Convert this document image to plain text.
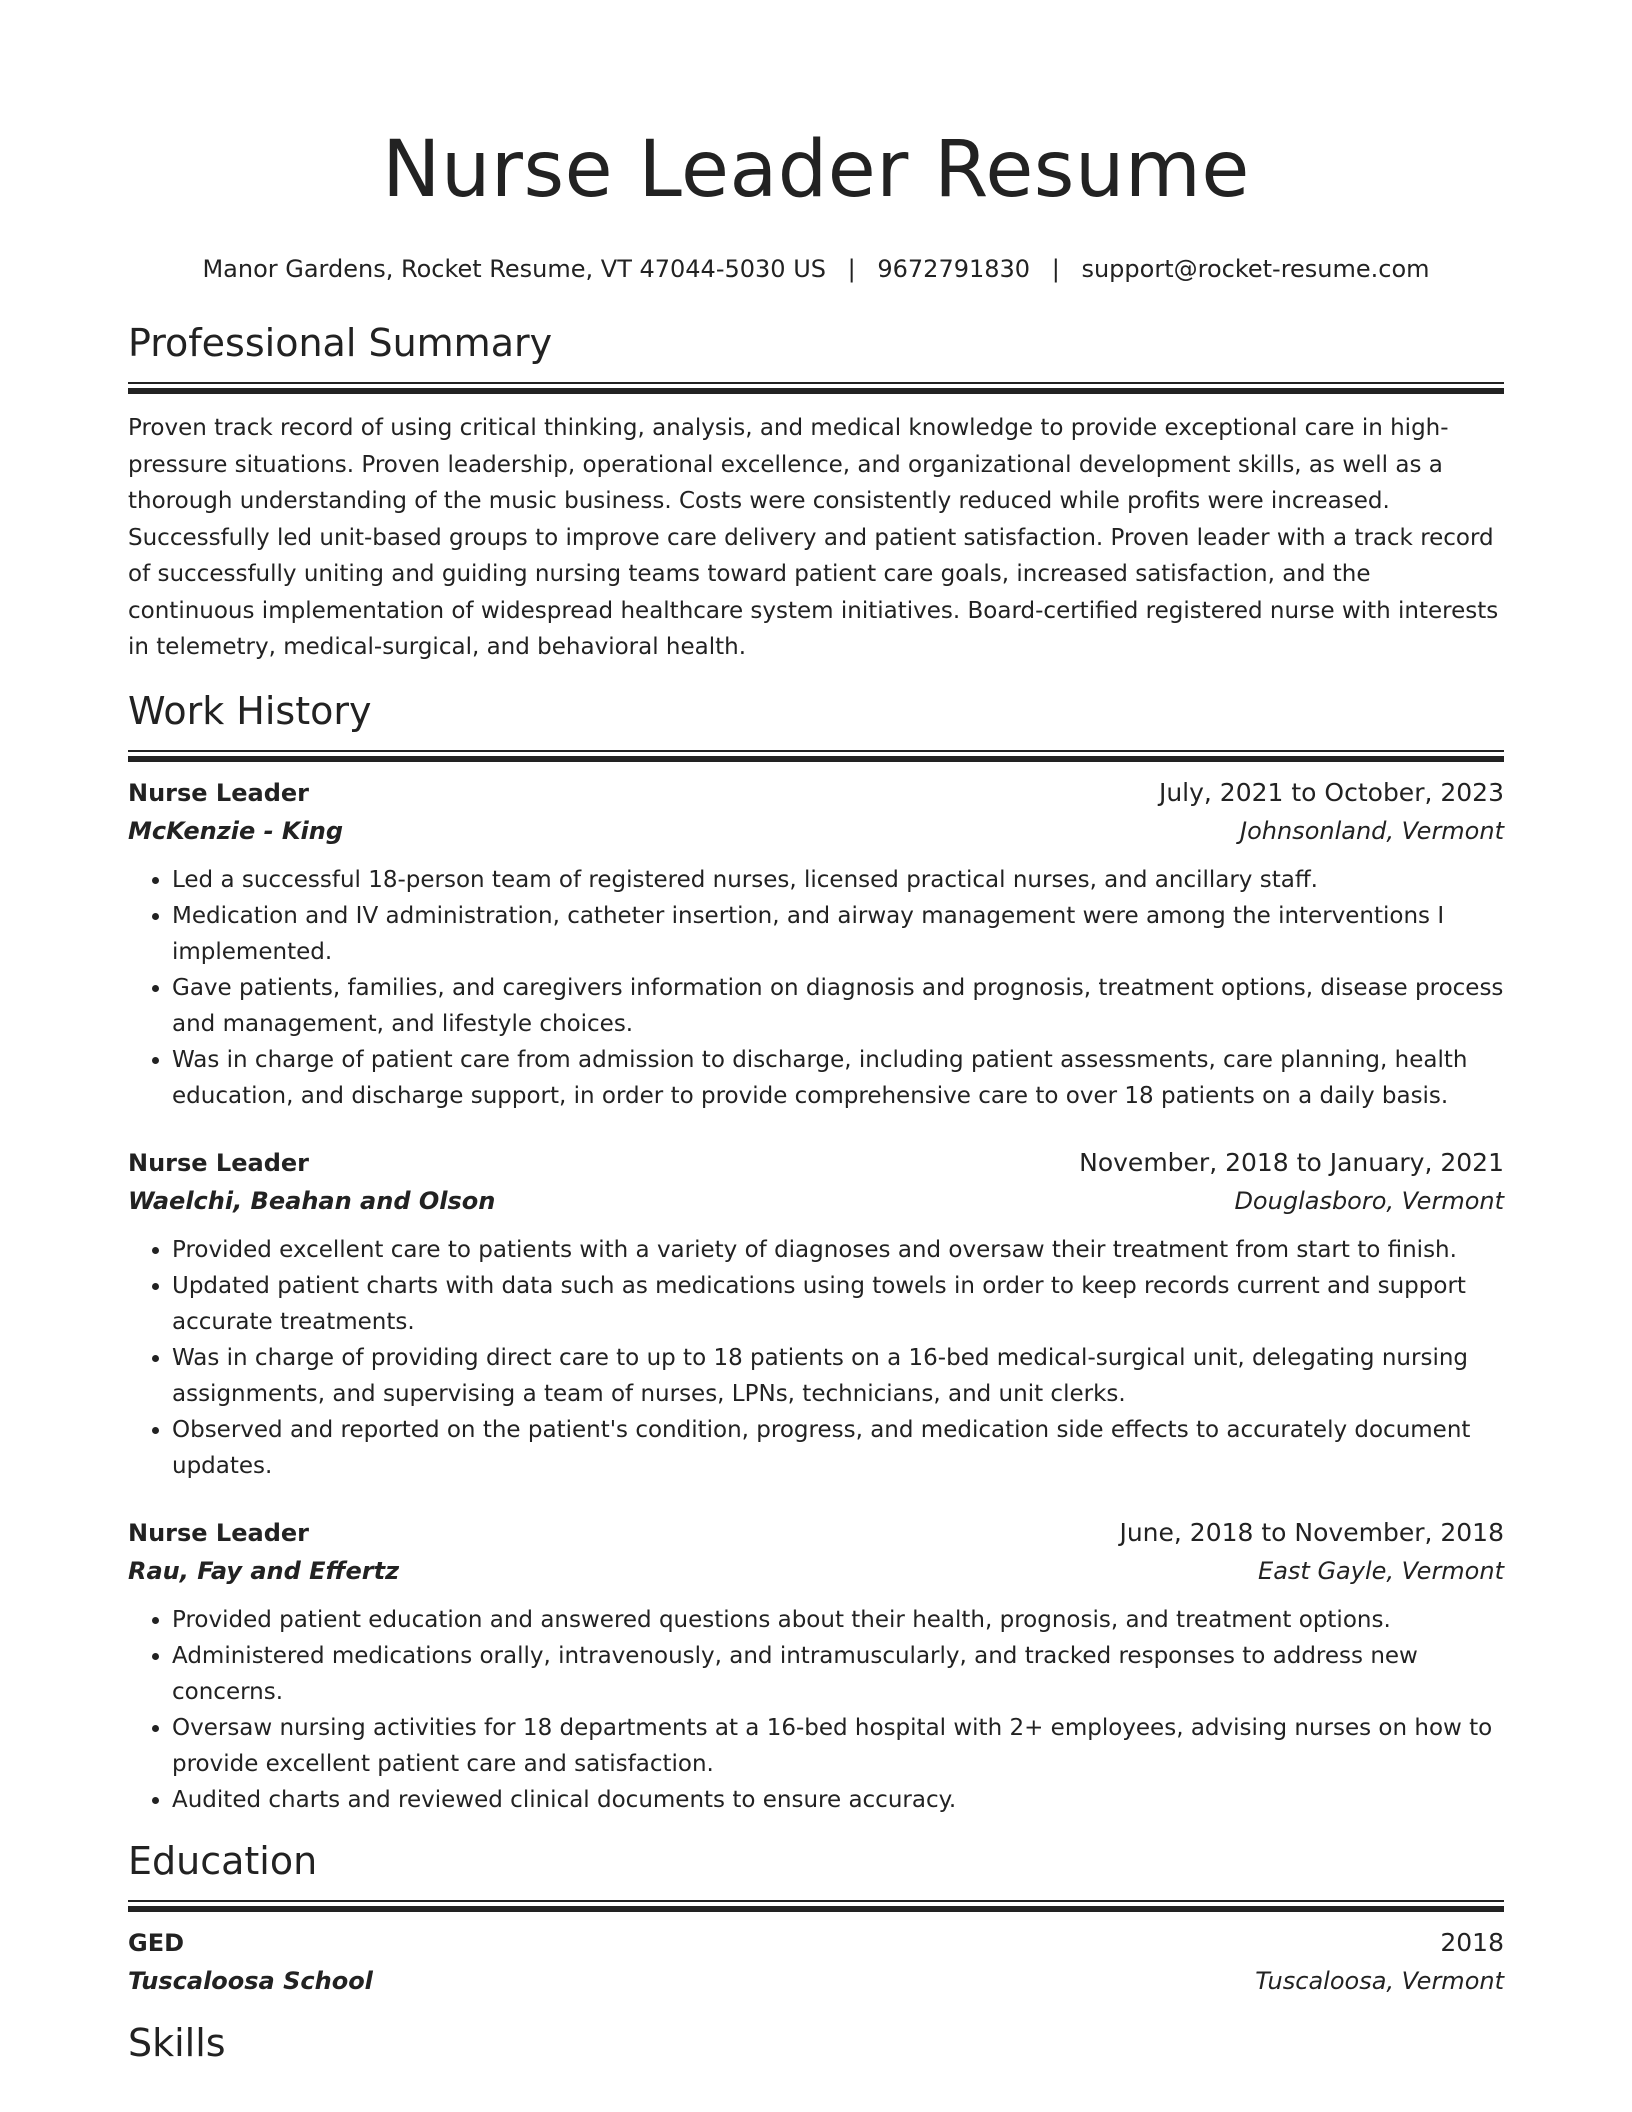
Nurse Leader Resume
Manor Gardens, Rocket Resume, VT 47044-5030 US | 9672791830 | support@rocket-resume.com
Professional Summary
Proven track record of using critical thinking, analysis, and medical knowledge to provide exceptional care in high-pressure situations. Proven leadership, operational excellence, and organizational development skills, as well as a thorough understanding of the music business. Costs were consistently reduced while profits were increased. Successfully led unit-based groups to improve care delivery and patient satisfaction. Proven leader with a track record of successfully uniting and guiding nursing teams toward patient care goals, increased satisfaction, and the continuous implementation of widespread healthcare system initiatives. Board-certified registered nurse with interests in telemetry, medical-surgical, and behavioral health.
Work History
Nurse Leader	July, 2021 to October, 2023
McKenzie - King	Johnsonland, Vermont
• Led a successful 18-person team of registered nurses, licensed practical nurses, and ancillary staff.
• Medication and IV administration, catheter insertion, and airway management were among the interventions I implemented.
• Gave patients, families, and caregivers information on diagnosis and prognosis, treatment options, disease process and management, and lifestyle choices.
• Was in charge of patient care from admission to discharge, including patient assessments, care planning, health education, and discharge support, in order to provide comprehensive care to over 18 patients on a daily basis.
Nurse Leader	November, 2018 to January, 2021
Waelchi, Beahan and Olson	Douglasboro, Vermont
• Provided excellent care to patients with a variety of diagnoses and oversaw their treatment from start to finish.
• Updated patient charts with data such as medications using towels in order to keep records current and support accurate treatments.
• Was in charge of providing direct care to up to 18 patients on a 16-bed medical-surgical unit, delegating nursing assignments, and supervising a team of nurses, LPNs, technicians, and unit clerks.
• Observed and reported on the patient's condition, progress, and medication side effects to accurately document updates.
Nurse Leader	June, 2018 to November, 2018
Rau, Fay and Effertz	East Gayle, Vermont
• Provided patient education and answered questions about their health, prognosis, and treatment options.
• Administered medications orally, intravenously, and intramuscularly, and tracked responses to address new concerns.
• Oversaw nursing activities for 18 departments at a 16-bed hospital with 2+ employees, advising nurses on how to provide excellent patient care and satisfaction.
• Audited charts and reviewed clinical documents to ensure accuracy.
Education
GED	2018
Tuscaloosa School	Tuscaloosa, Vermont
Skills
